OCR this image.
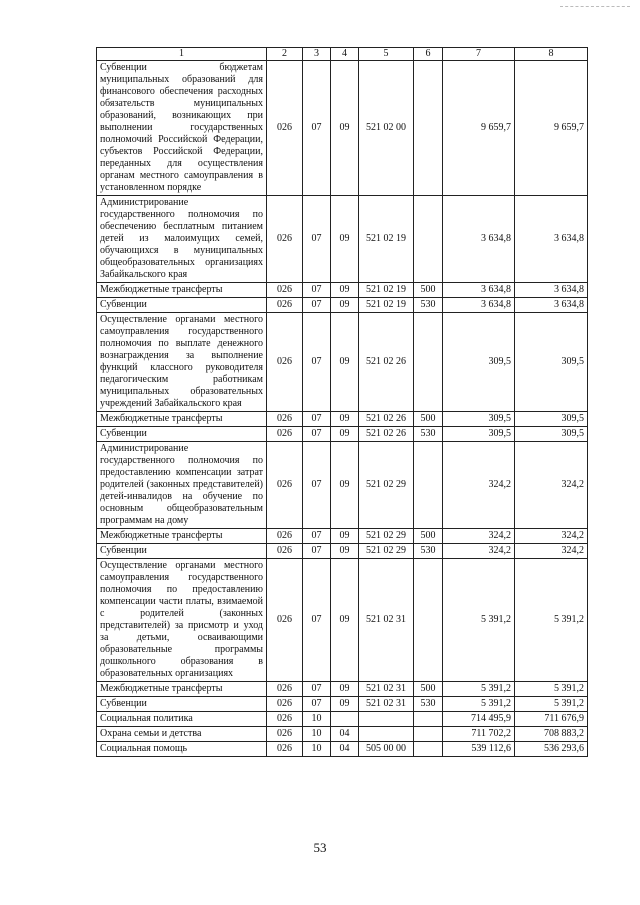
1	2	3	4	5	6	7	8
Субвенции бюджетам муниципальных образований для финансового обеспечения расходных обязательств муниципальных образований, возникающих при выполнении государственных полномочий Российской Федерации, субъектов Российской Федерации, переданных для осуществления органам местного самоуправления в установленном порядке	026	07	09	521 02 00		9 659,7	9 659,7
Администрирование государственного полномочия по обеспечению бесплатным питанием детей из малоимущих семей, обучающихся в муниципальных общеобразовательных организациях Забайкальского края	026	07	09	521 02 19		3 634,8	3 634,8
Межбюджетные трансферты	026	07	09	521 02 19	500	3 634,8	3 634,8
Субвенции	026	07	09	521 02 19	530	3 634,8	3 634,8
Осуществление органами местного самоуправления государственного полномочия по выплате денежного вознаграждения за выполнение функций классного руководителя педагогическим работникам муниципальных образовательных учреждений Забайкальского края	026	07	09	521 02 26		309,5	309,5
Межбюджетные трансферты	026	07	09	521 02 26	500	309,5	309,5
Субвенции	026	07	09	521 02 26	530	309,5	309,5
Администрирование государственного полномочия по предоставлению компенсации затрат родителей (законных представителей) детей-инвалидов на обучение по основным общеобразовательным программам на дому	026	07	09	521 02 29		324,2	324,2
Межбюджетные трансферты	026	07	09	521 02 29	500	324,2	324,2
Субвенции	026	07	09	521 02 29	530	324,2	324,2
Осуществление органами местного самоуправления государственного полномочия по предоставлению компенсации части платы, взимаемой с родителей (законных представителей) за присмотр и уход за детьми, осваивающими образовательные программы дошкольного образования в образовательных организациях	026	07	09	521 02 31		5 391,2	5 391,2
Межбюджетные трансферты	026	07	09	521 02 31	500	5 391,2	5 391,2
Субвенции	026	07	09	521 02 31	530	5 391,2	5 391,2
Социальная политика	026	10				714 495,9	711 676,9
Охрана семьи и детства	026	10	04			711 702,2	708 883,2
Социальная помощь	026	10	04	505 00 00		539 112,6	536 293,6
53
